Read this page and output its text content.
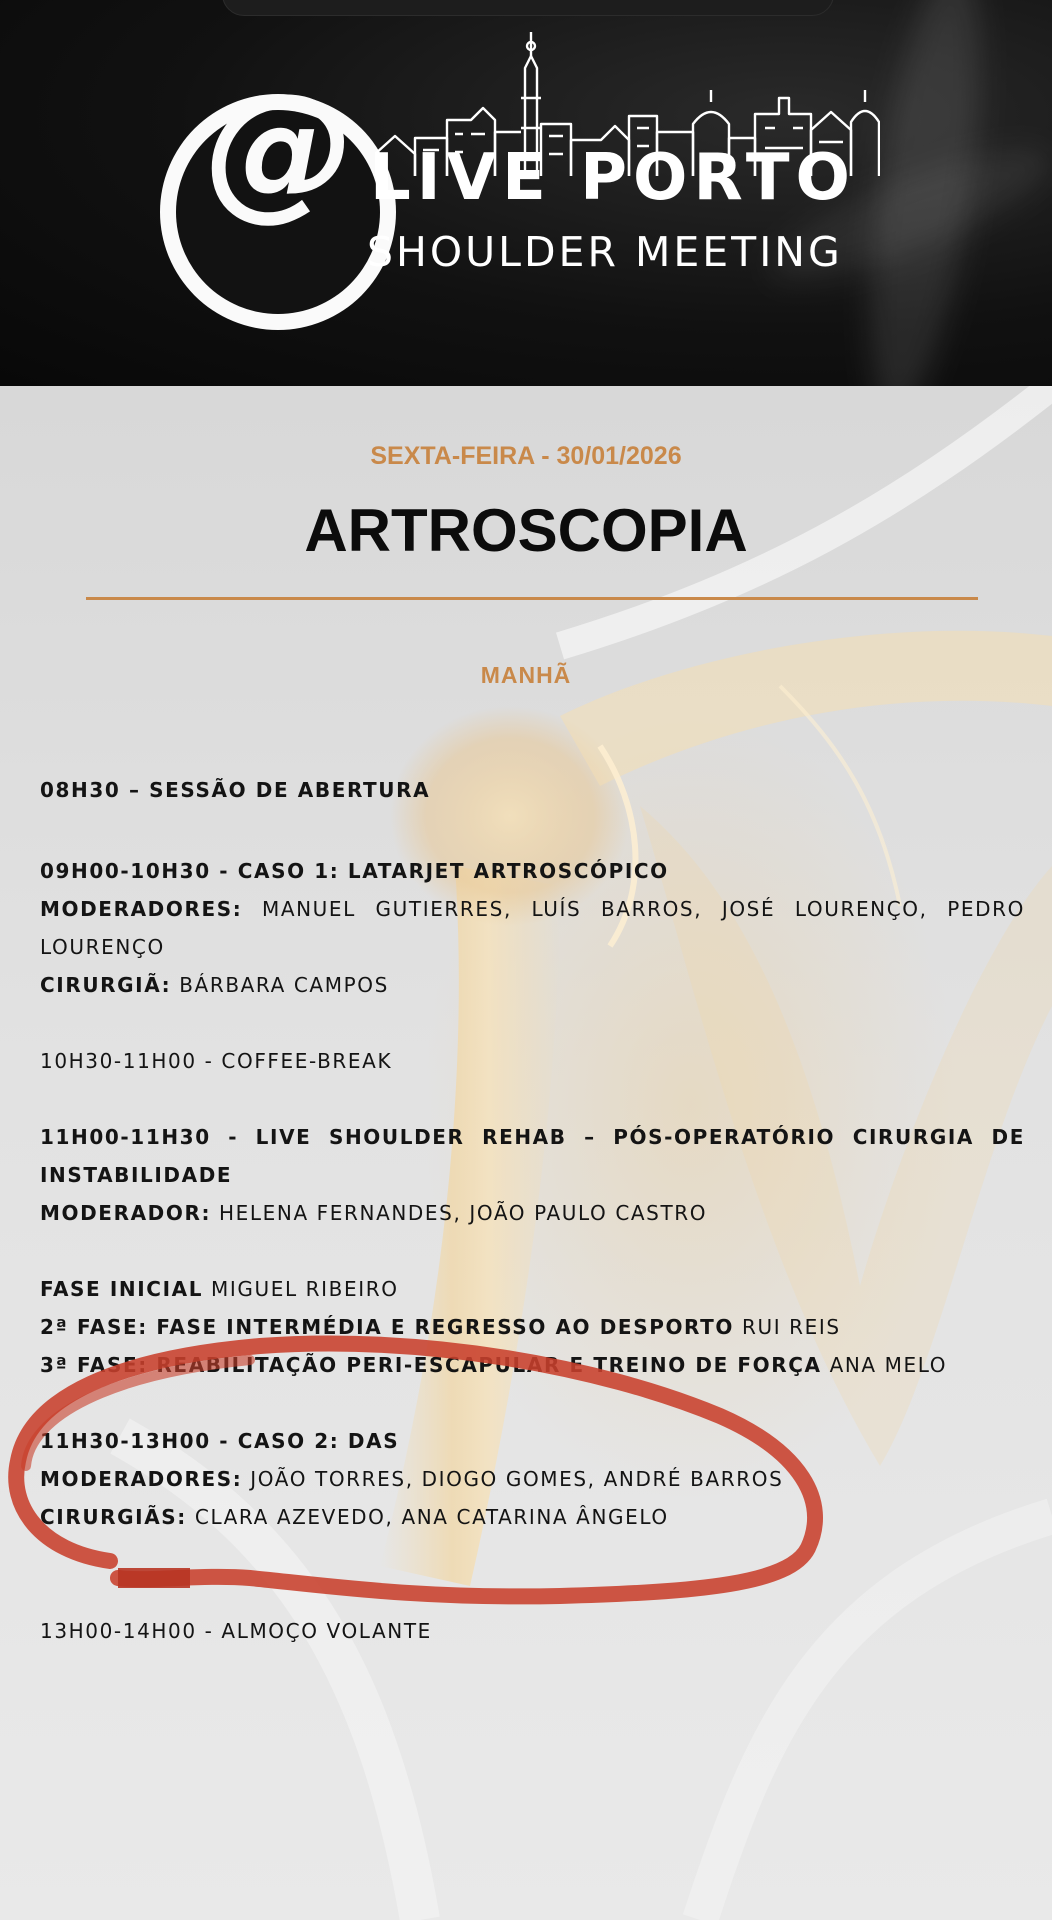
@ LIVE PORTO
SHOULDER MEETING
SEXTA-FEIRA - 30/01/2026
ARTROSCOPIA
MANHÃ
08H30 – SESSÃO DE ABERTURA
09H00-10H30 - CASO 1: LATARJET ARTROSCÓPICO
MODERADORES: MANUEL GUTIERRES, LUÍS BARROS, JOSÉ LOURENÇO, PEDRO LOURENÇO
CIRURGIÃ: BÁRBARA CAMPOS
10H30-11H00 - COFFEE-BREAK
11H00-11H30 - LIVE SHOULDER REHAB – PÓS-OPERATÓRIO CIRURGIA DE INSTABILIDADE
MODERADOR: HELENA FERNANDES, JOÃO PAULO CASTRO
FASE INICIAL MIGUEL RIBEIRO
2ª FASE: FASE INTERMÉDIA E REGRESSO AO DESPORTO RUI REIS
3ª FASE: REABILITAÇÃO PERI-ESCAPULAR E TREINO DE FORÇA ANA MELO
11H30-13H00 - CASO 2: DAS
MODERADORES: JOÃO TORRES, DIOGO GOMES, ANDRÉ BARROS
CIRURGIÃS: CLARA AZEVEDO, ANA CATARINA ÂNGELO
13H00-14H00 - ALMOÇO VOLANTE
